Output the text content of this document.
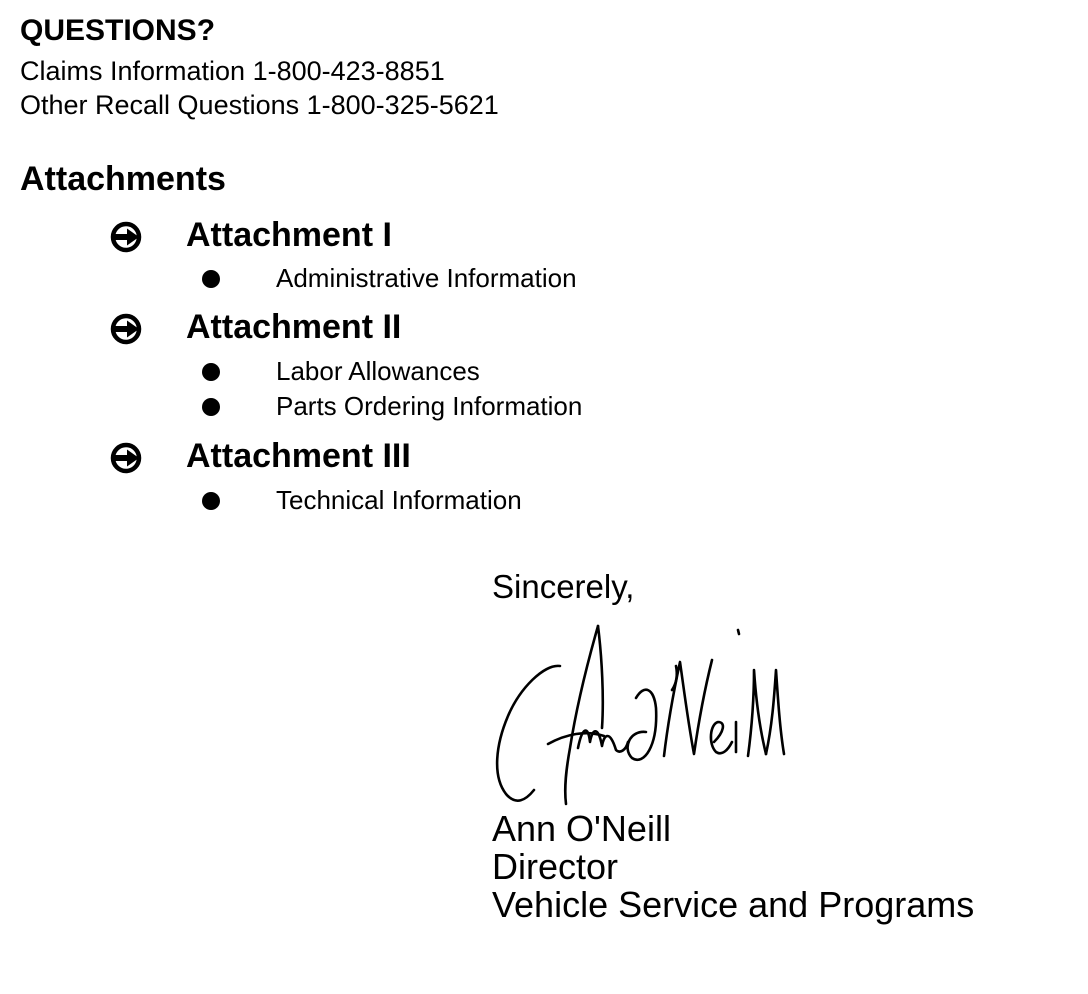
QUESTIONS?
Claims Information 1-800-423-8851
Other Recall Questions 1-800-325-5621
Attachments
Attachment I
Administrative Information
Attachment II
Labor Allowances
Parts Ordering Information
Attachment III
Technical Information
Sincerely,
Ann O'Neill
Director
Vehicle Service and Programs
